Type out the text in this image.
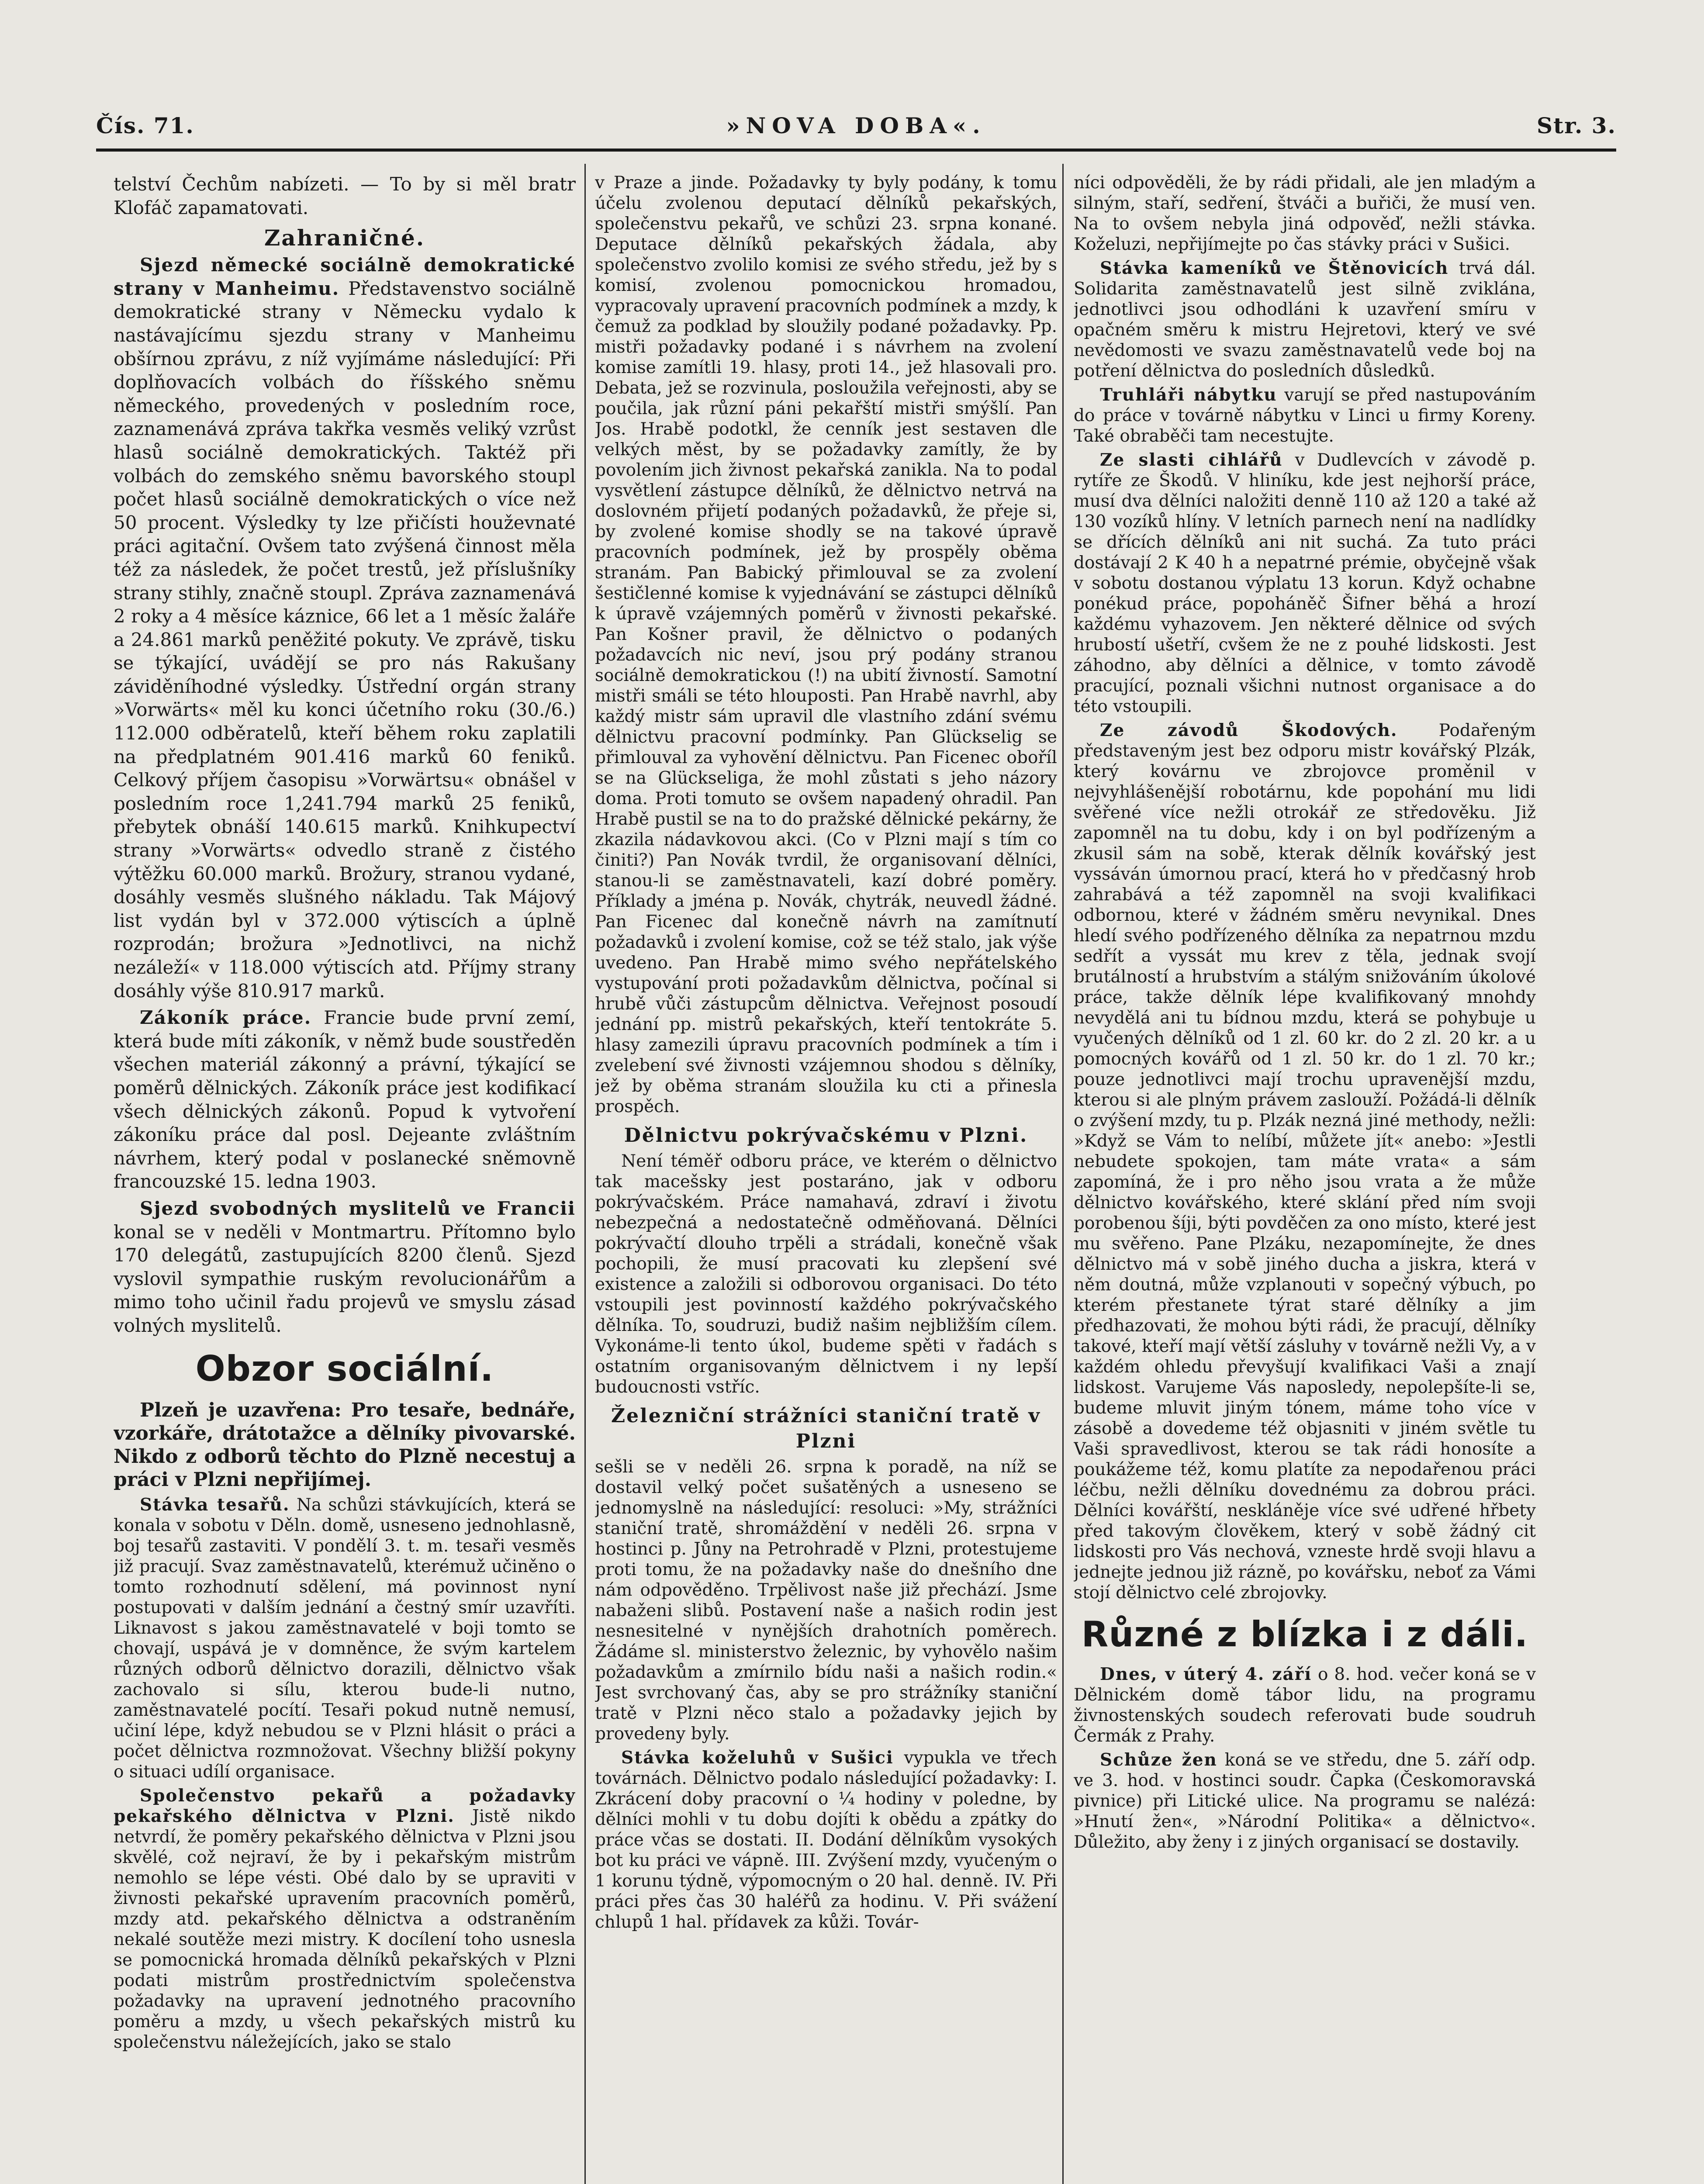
Čís. 71.	»NOVA DOBA«.	Str. 3.

telství Čechům nabízeti. — To by si měl bratr Klofáč zapamatovati.

Zahraničné.

Sjezd německé sociálně demokratické strany v Manheimu. Představenstvo sociálně demokratické strany v Německu vydalo k nastávajícímu sjezdu strany v Manheimu obšírnou zprávu, z níž vyjímáme následující: Při doplňovacích volbách do říšského sněmu německého, provedených v posledním roce, zaznamenává zpráva takřka vesměs veliký vzrůst hlasů sociálně demokratických. Taktéž při volbách do zemského sněmu bavorského stoupl počet hlasů sociálně demokratických o více než 50 procent. Výsledky ty lze přičísti houževnaté práci agitační. Ovšem tato zvýšená činnost měla též za následek, že počet trestů, jež příslušníky strany stihly, značně stoupl. Zpráva zaznamenává 2 roky a 4 měsíce káznice, 66 let a 1 měsíc žaláře a 24.861 marků peněžité pokuty. Ve zprávě, tisku se týkající, uvádějí se pro nás Rakušany záviděníhodné výsledky. Ústřední orgán strany »Vorwärts« měl ku konci účetního roku (30./6.) 112.000 odběratelů, kteří během roku zaplatili na předplatném 901.416 marků 60 feniků. Celkový příjem časopisu »Vorwärtsu« obnášel v posledním roce 1,241.794 marků 25 feniků, přebytek obnáší 140.615 marků. Knihkupectví strany »Vorwärts« odvedlo straně z čistého výtěžku 60.000 marků. Brožury, stranou vydané, dosáhly vesměs slušného nákladu. Tak Májový list vydán byl v 372.000 výtiscích a úplně rozprodán; brožura »Jednotlivci, na nichž nezáleží« v 118.000 výtiscích atd. Příjmy strany dosáhly výše 810.917 marků.

Zákoník práce. Francie bude první zemí, která bude míti zákoník, v němž bude soustředěn všechen materiál zákonný a právní, týkající se poměrů dělnických. Zákoník práce jest kodifikací všech dělnických zákonů. Popud k vytvoření zákoníku práce dal posl. Dejeante zvláštním návrhem, který podal v poslanecké sněmovně francouzské 15. ledna 1903.

Sjezd svobodných myslitelů ve Francii konal se v neděli v Montmartru. Přítomno bylo 170 delegátů, zastupujících 8200 členů. Sjezd vyslovil sympathie ruským revolucionářům a mimo toho učinil řadu projevů ve smyslu zásad volných myslitelů.

Obzor sociální.

Plzeň je uzavřena: Pro tesaře, bednáře, vzorkáře, drátotažce a dělníky pivovarské. Nikdo z odborů těchto do Plzně necestuj a práci v Plzni nepřijímej.

Stávka tesařů. Na schůzi stávkujících, která se konala v sobotu v Děln. domě, usneseno jednohlasně, boj tesařů zastaviti. V pondělí 3. t. m. tesaři vesměs již pracují. Svaz zaměstnavatelů, kterémuž učiněno o tomto rozhodnutí sdělení, má povinnost nyní postupovati v dalším jednání a čestný smír uzavříti. Liknavost s jakou zaměstnavatelé v boji tomto se chovají, uspává je v domněnce, že svým kartelem různých odborů dělnictvo dorazili, dělnictvo však zachovalo si sílu, kterou bude-li nutno, zaměstnavatelé pocítí. Tesaři pokud nutně nemusí, učiní lépe, když nebudou se v Plzni hlásit o práci a počet dělnictva rozmnožovat. Všechny bližší pokyny o situaci udílí organisace.

Společenstvo pekařů a požadavky pekařského dělnictva v Plzni. Jistě nikdo netvrdí, že poměry pekařského dělnictva v Plzni jsou skvělé, což nejraví, že by i pekařským mistrům nemohlo se lépe vésti. Obé dalo by se upraviti v živnosti pekařské upravením pracovních poměrů, mzdy atd. pekařského dělnictva a odstraněním nekalé soutěže mezi mistry. K docílení toho usnesla se pomocnická hromada dělníků pekařských v Plzni podati mistrům prostřednictvím společenstva požadavky na upravení jednotného pracovního poměru a mzdy, u všech pekařských mistrů ku společenstvu náležejících, jako se stalo

v Praze a jinde. Požadavky ty byly podány, k tomu účelu zvolenou deputací dělníků pekařských, společenstvu pekařů, ve schůzi 23. srpna konané. Deputace dělníků pekařských žádala, aby společenstvo zvolilo komisi ze svého středu, jež by s komisí, zvolenou pomocnickou hromadou, vypracovaly upravení pracovních podmínek a mzdy, k čemuž za podklad by sloužily podané požadavky. Pp. mistři požadavky podané i s návrhem na zvolení komise zamítli 19. hlasy, proti 14., jež hlasovali pro. Debata, jež se rozvinula, posloužila veřejnosti, aby se poučila, jak různí páni pekařští mistři smýšlí. Pan Jos. Hrabě podotkl, že cenník jest sestaven dle velkých měst, by se požadavky zamítly, že by povolením jich živnost pekařská zanikla. Na to podal vysvětlení zástupce dělníků, že dělnictvo netrvá na doslovném přijetí podaných požadavků, že přeje si, by zvolené komise shodly se na takové úpravě pracovních podmínek, jež by prospěly oběma stranám. Pan Babický přimlouval se za zvolení šestičlenné komise k vyjednávání se zástupci dělníků k úpravě vzájemných poměrů v živnosti pekařské. Pan Košner pravil, že dělnictvo o podaných požadavcích nic neví, jsou prý podány stranou sociálně demokratickou (!) na ubití živností. Samotní mistři smáli se této hlouposti. Pan Hrabě navrhl, aby každý mistr sám upravil dle vlastního zdání svému dělnictvu pracovní podmínky. Pan Glückselig se přimlouval za vyhovění dělnictvu. Pan Ficenec oboříl se na Glückseliga, že mohl zůstati s jeho názory doma. Proti tomuto se ovšem napadený ohradil. Pan Hrabě pustil se na to do pražské dělnické pekárny, že zkazila nádavkovou akci. (Co v Plzni mají s tím co činiti?) Pan Novák tvrdil, že organisovaní dělníci, stanou-li se zaměstnavateli, kazí dobré poměry. Příklady a jména p. Novák, chytrák, neuvedl žádné. Pan Ficenec dal konečně návrh na zamítnutí požadavků i zvolení komise, což se též stalo, jak výše uvedeno. Pan Hrabě mimo svého nepřátelského vystupování proti požadavkům dělnictva, počínal si hrubě vůči zástupcům dělnictva. Veřejnost posoudí jednání pp. mistrů pekařských, kteří tentokráte 5. hlasy zamezili úpravu pracovních podmínek a tím i zvelebení své živnosti vzájemnou shodou s dělníky, jež by oběma stranám sloužila ku cti a přinesla prospěch.

Dělnictvu pokrývačskému v Plzni.

Není téměř odboru práce, ve kterém o dělnictvo tak macešsky jest postaráno, jak v odboru pokrývačském. Práce namahavá, zdraví i životu nebezpečná a nedostatečně odměňovaná. Dělníci pokrývačtí dlouho trpěli a strádali, konečně však pochopili, že musí pracovati ku zlepšení své existence a založili si odborovou organisaci. Do této vstoupili jest povinností každého pokrývačského dělníka. To, soudruzi, budiž našim nejbližším cílem. Vykonáme-li tento úkol, budeme spěti v řadách s ostatním organisovaným dělnictvem i ny lepší budoucnosti vstříc.

Železniční strážníci staniční tratě v Plzni

sešli se v neděli 26. srpna k poradě, na níž se dostavil velký počet sušatěných a usneseno se jednomyslně na následující: resoluci: »My, strážníci staniční tratě, shromáždění v neděli 26. srpna v hostinci p. Jůny na Petrohradě v Plzni, protestujeme proti tomu, že na požadavky naše do dnešního dne nám odpověděno. Trpělivost naše již přechází. Jsme nabaženi slibů. Postavení naše a našich rodin jest nesnesitelné v nynějších drahotních poměrech. Žádáme sl. ministerstvo železnic, by vyhovělo našim požadavkům a zmírnilo bídu naši a našich rodin.« Jest svrchovaný čas, aby se pro strážníky staniční tratě v Plzni něco stalo a požadavky jejich by provedeny byly.

Stávka koželuhů v Sušici vypukla ve třech továrnách. Dělnictvo podalo následující požadavky: I. Zkrácení doby pracovní o ¼ hodiny v poledne, by dělníci mohli v tu dobu dojíti k obědu a zpátky do práce včas se dostati. II. Dodání dělníkům vysokých bot ku práci ve vápně. III. Zvýšení mzdy, vyučeným o 1 korunu týdně, výpomocným o 20 hal. denně. IV. Při práci přes čas 30 haléřů za hodinu. V. Při svážení chlupů 1 hal. přídavek za kůži. Továr-

níci odpověděli, že by rádi přidali, ale jen mladým a silným, staří, sedření, štváči a buřiči, že musí ven. Na to ovšem nebyla jiná odpověď, nežli stávka. Koželuzi, nepřijímejte po čas stávky práci v Sušici.

Stávka kameníků ve Štěnovicích trvá dál. Solidarita zaměstnavatelů jest silně zviklána, jednotlivci jsou odhodláni k uzavření smíru v opačném směru k mistru Hejretovi, který ve své nevědomosti ve svazu zaměstnavatelů vede boj na potření dělnictva do posledních důsledků.

Truhláři nábytku varují se před nastupováním do práce v továrně nábytku v Linci u firmy Koreny. Také obraběči tam necestujte.

Ze slasti cihlářů v Dudlevcích v závodě p. rytíře ze Škodů. V hliníku, kde jest nejhorší práce, musí dva dělníci naložiti denně 110 až 120 a také až 130 vozíků hlíny. V letních parnech není na nadlídky se dřících dělníků ani nit suchá. Za tuto práci dostávají 2 K 40 h a nepatrné prémie, obyčejně však v sobotu dostanou výplatu 13 korun. Když ochabne ponékud práce, popoháněč Šifner běhá a hrozí každému vyhazovem. Jen některé dělnice od svých hrubostí ušetří, cvšem že ne z pouhé lidskosti. Jest záhodno, aby dělníci a dělnice, v tomto závodě pracující, poznali všichni nutnost organisace a do této vstoupili.

Ze závodů Škodových. Podařeným představeným jest bez odporu mistr kovářský Plzák, který kovárnu ve zbrojovce proměnil v nejvyhlášenější robotárnu, kde popohání mu lidi svěřené více nežli otrokář ze středověku. Již zapomněl na tu dobu, kdy i on byl podřízeným a zkusil sám na sobě, kterak dělník kovářský jest vyssáván úmornou prací, která ho v předčasný hrob zahrabává a též zapomněl na svoji kvalifikaci odbornou, které v žádném směru nevynikal. Dnes hledí svého podřízeného dělníka za nepatrnou mzdu sedřít a vyssát mu krev z těla, jednak svojí brutálností a hrubstvím a stálým snižováním úkolové práce, takže dělník lépe kvalifikovaný mnohdy nevydělá ani tu bídnou mzdu, která se pohybuje u vyučených dělníků od 1 zl. 60 kr. do 2 zl. 20 kr. a u pomocných kovářů od 1 zl. 50 kr. do 1 zl. 70 kr.; pouze jednotlivci mají trochu upravenější mzdu, kterou si ale plným právem zaslouží. Požádá-li dělník o zvýšení mzdy, tu p. Plzák nezná jiné methody, nežli: »Když se Vám to nelíbí, můžete jít« anebo: »Jestli nebudete spokojen, tam máte vrata« a sám zapomíná, že i pro něho jsou vrata a že může dělnictvo kovářského, které sklání před ním svoji porobenou šíji, býti povděčen za ono místo, které jest mu svěřeno. Pane Plzáku, nezapomínejte, že dnes dělnictvo má v sobě jiného ducha a jiskra, která v něm doutná, může vzplanouti v sopečný výbuch, po kterém přestanete týrat staré dělníky a jim předhazovati, že mohou býti rádi, že pracují, dělníky takové, kteří mají větší zásluhy v továrně nežli Vy, a v každém ohledu převyšují kvalifikaci Vaši a znají lidskost. Varujeme Vás naposledy, nepolepšíte-li se, budeme mluvit jiným tónem, máme toho více v zásobě a dovedeme též objasniti v jiném světle tu Vaši spravedlivost, kterou se tak rádi honosíte a poukážeme též, komu platíte za nepodařenou práci léčbu, nežli dělníku dovednému za dobrou práci. Dělníci kovářští, neskláněje více své udřené hřbety před takovým člověkem, který v sobě žádný cit lidskosti pro Vás nechová, vzneste hrdě svoji hlavu a jednejte jednou již rázně, po kovářsku, neboť za Vámi stojí dělnictvo celé zbrojovky.

Různé z blízka i z dáli.

Dnes, v úterý 4. září o 8. hod. večer koná se v Dělnickém domě tábor lidu, na programu živnostenských soudech referovati bude soudruh Čermák z Prahy.

Schůze žen koná se ve středu, dne 5. září odp. ve 3. hod. v hostinci soudr. Čapka (Českomoravská pivnice) při Litické ulice. Na programu se nalézá: »Hnutí žen«, »Národní Politika« a dělnictvo«. Důležito, aby ženy i z jiných organisací se dostavily.
